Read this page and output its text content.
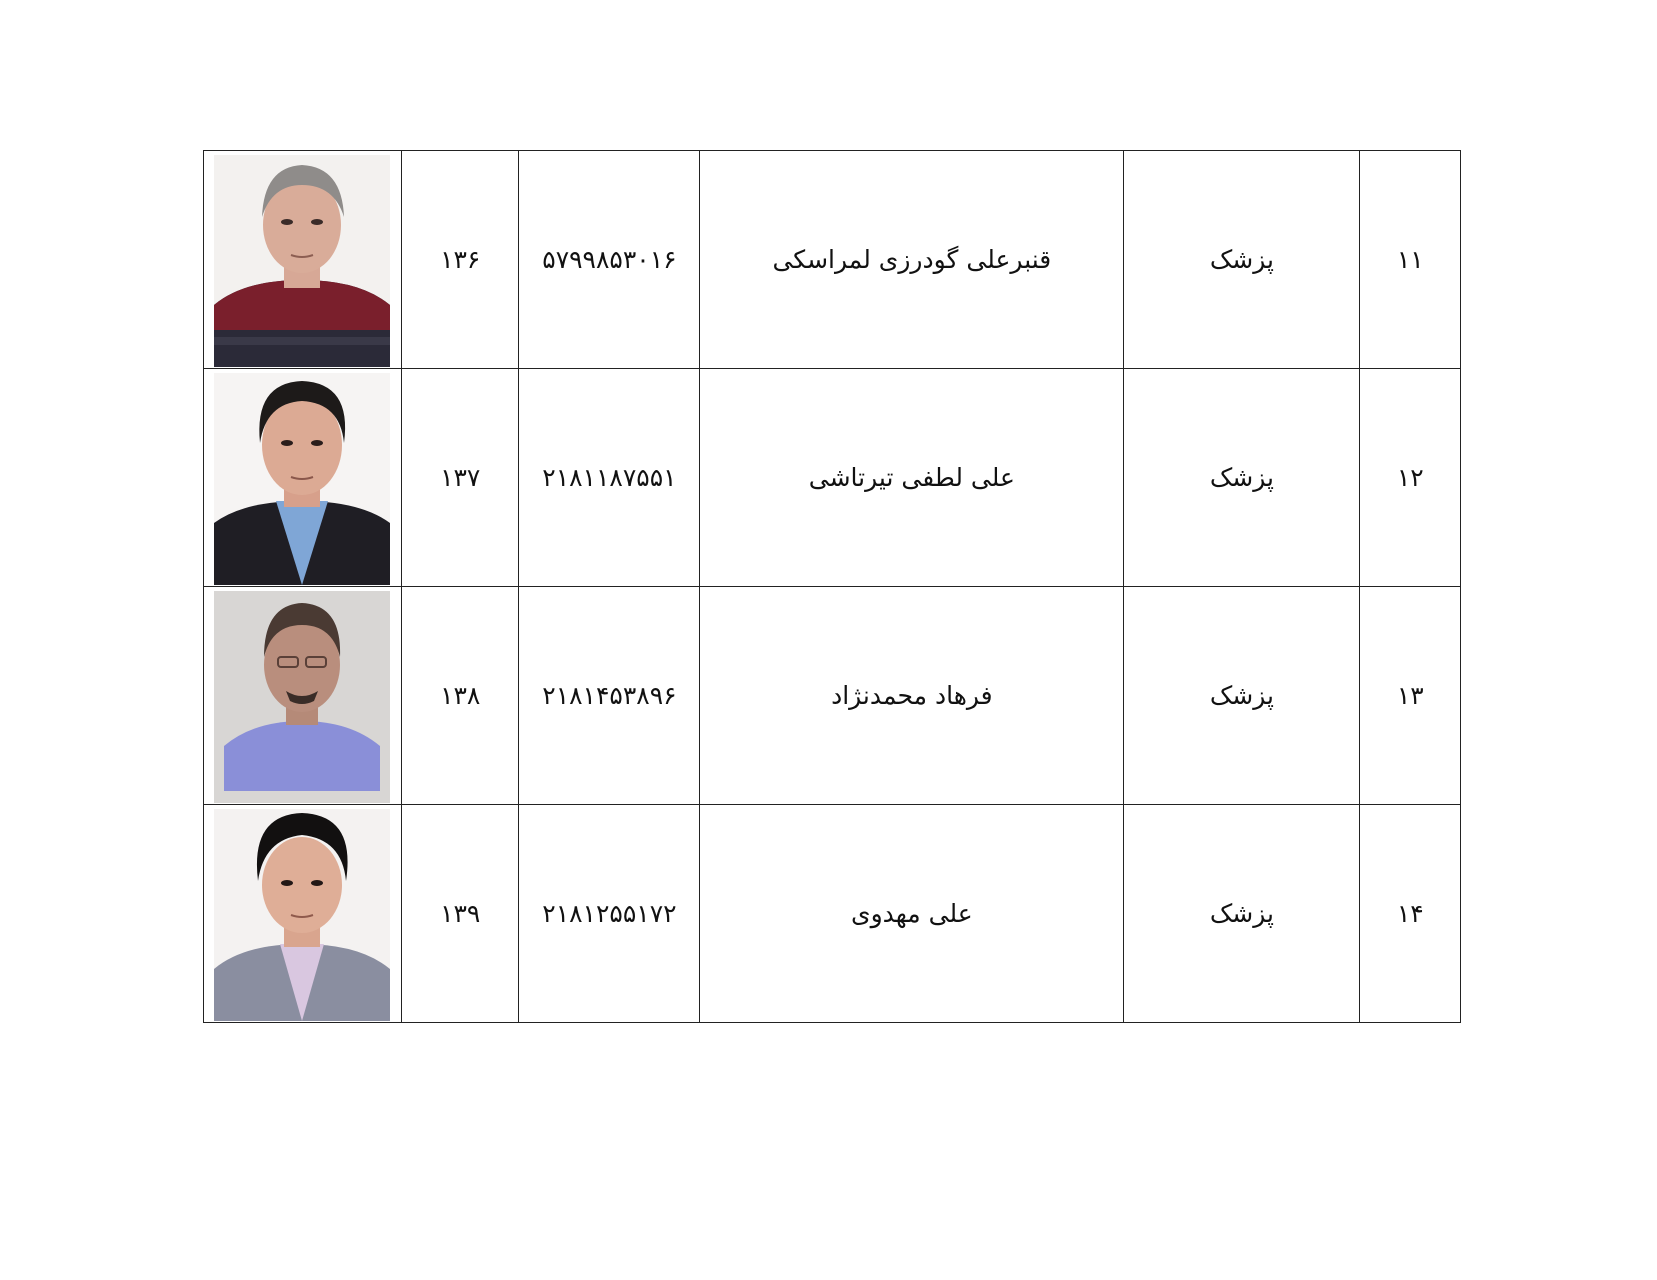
	۱۳۶	۵۷۹۹۸۵۳۰۱۶	قنبرعلی گودرزی لمراسکی	پزشک	۱۱

	۱۳۷	۲۱۸۱۱۸۷۵۵۱	علی لطفی تیرتاشی	پزشک	۱۲

	۱۳۸	۲۱۸۱۴۵۳۸۹۶	فرهاد محمدنژاد	پزشک	۱۳

	۱۳۹	۲۱۸۱۲۵۵۱۷۲	علی مهدوی	پزشک	۱۴
